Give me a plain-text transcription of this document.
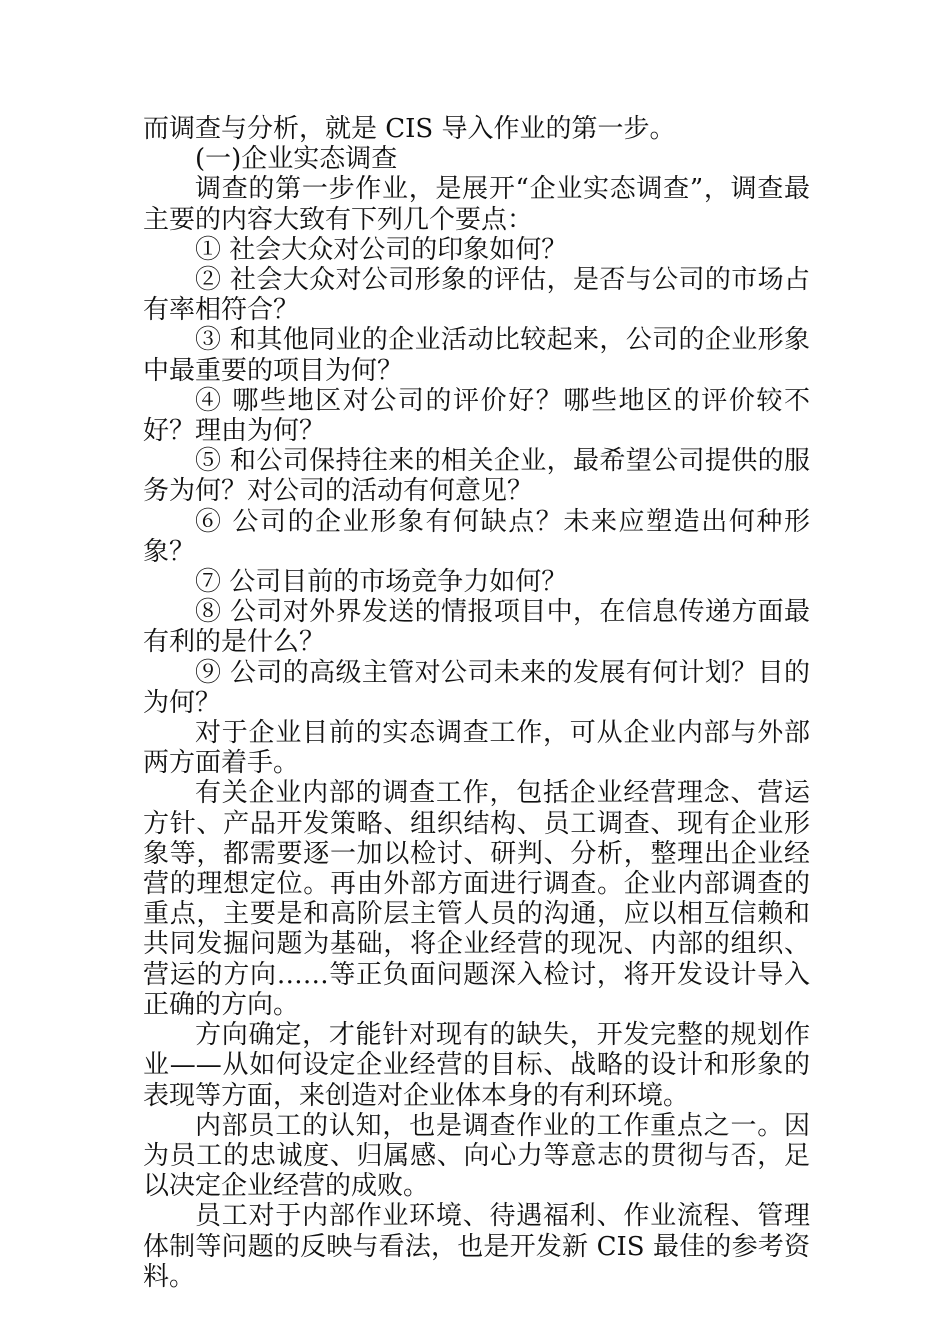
而调查与分析，就是 CIS 导入作业的第一步。

(一)企业实态调查

调查的第一步作业，是展开“企业实态调查”，调查最主要的内容大致有下列几个要点：

① 社会大众对公司的印象如何？

② 社会大众对公司形象的评估，是否与公司的市场占有率相符合？

③ 和其他同业的企业活动比较起来，公司的企业形象中最重要的项目为何？

④ 哪些地区对公司的评价好？哪些地区的评价较不好？理由为何？

⑤ 和公司保持往来的相关企业，最希望公司提供的服务为何？对公司的活动有何意见？

⑥ 公司的企业形象有何缺点？未来应塑造出何种形象？

⑦ 公司目前的市场竞争力如何？

⑧ 公司对外界发送的情报项目中，在信息传递方面最有利的是什么？

⑨ 公司的高级主管对公司未来的发展有何计划？目的为何？

对于企业目前的实态调查工作，可从企业内部与外部两方面着手。

有关企业内部的调查工作，包括企业经营理念、营运方针、产品开发策略、组织结构、员工调查、现有企业形象等，都需要逐一加以检讨、研判、分析，整理出企业经营的理想定位。再由外部方面进行调查。企业内部调查的重点，主要是和高阶层主管人员的沟通，应以相互信赖和共同发掘问题为基础，将企业经营的现况、内部的组织、营运的方向……等正负面问题深入检讨，将开发设计导入正确的方向。

方向确定，才能针对现有的缺失，开发完整的规划作业——从如何设定企业经营的目标、战略的设计和形象的表现等方面，来创造对企业体本身的有利环境。

内部员工的认知，也是调查作业的工作重点之一。因为员工的忠诚度、归属感、向心力等意志的贯彻与否，足以决定企业经营的成败。

员工对于内部作业环境、待遇福利、作业流程、管理体制等问题的反映与看法，也是开发新 CIS 最佳的参考资料。
